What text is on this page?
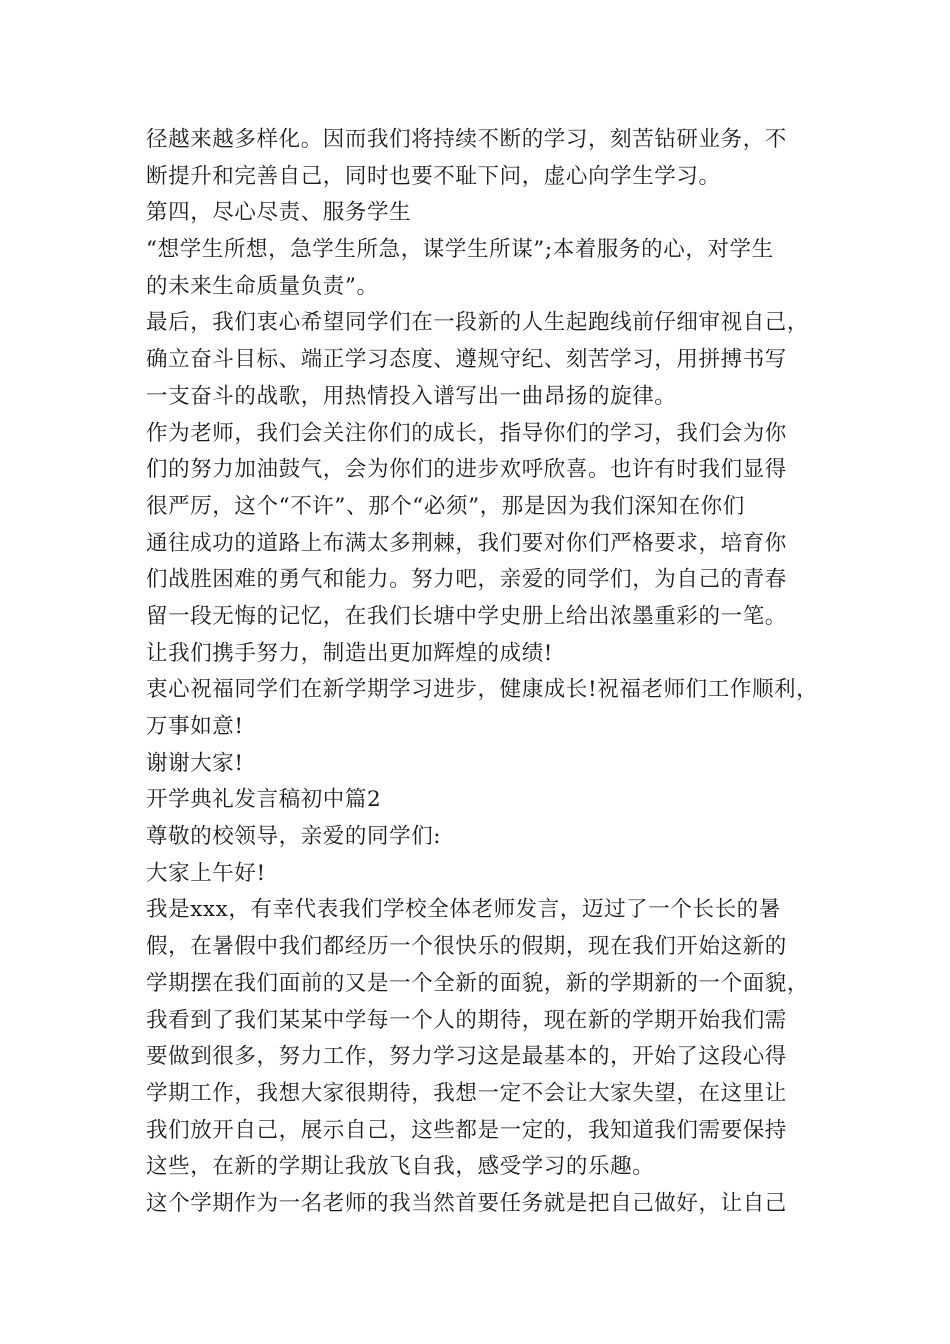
径越来越多样化。因而我们将持续不断的学习，刻苦钻研业务，不
断提升和完善自己，同时也要不耻下问，虚心向学生学习。
第四，尽心尽责、服务学生
“想学生所想，急学生所急，谋学生所谋”;本着服务的心，对学生
的未来生命质量负责”。
最后，我们衷心希望同学们在一段新的人生起跑线前仔细审视自己，
确立奋斗目标、端正学习态度、遵规守纪、刻苦学习，用拼搏书写
一支奋斗的战歌，用热情投入谱写出一曲昂扬的旋律。
作为老师，我们会关注你们的成长，指导你们的学习，我们会为你
们的努力加油鼓气，会为你们的进步欢呼欣喜。也许有时我们显得
很严厉，这个“不许”、那个“必须”，那是因为我们深知在你们
通往成功的道路上布满太多荆棘，我们要对你们严格要求，培育你
们战胜困难的勇气和能力。努力吧，亲爱的同学们，为自己的青春
留一段无悔的记忆，在我们长塘中学史册上给出浓墨重彩的一笔。
让我们携手努力，制造出更加辉煌的成绩!
衷心祝福同学们在新学期学习进步，健康成长!祝福老师们工作顺利，
万事如意!
谢谢大家!
开学典礼发言稿初中篇2
尊敬的校领导，亲爱的同学们:
大家上午好!
我是xxx，有幸代表我们学校全体老师发言，迈过了一个长长的暑
假，在暑假中我们都经历一个很快乐的假期，现在我们开始这新的
学期摆在我们面前的又是一个全新的面貌，新的学期新的一个面貌，
我看到了我们某某中学每一个人的期待，现在新的学期开始我们需
要做到很多，努力工作，努力学习这是最基本的，开始了这段心得
学期工作，我想大家很期待，我想一定不会让大家失望，在这里让
我们放开自己，展示自己，这些都是一定的，我知道我们需要保持
这些，在新的学期让我放飞自我，感受学习的乐趣。
这个学期作为一名老师的我当然首要任务就是把自己做好，让自己
